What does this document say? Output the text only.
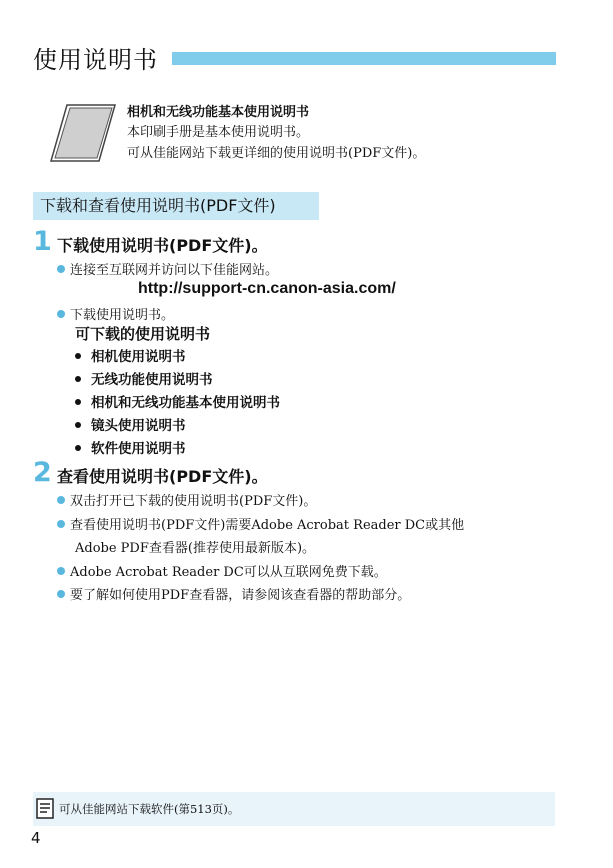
使用说明书
相机和无线功能基本使用说明书
本印刷手册是基本使用说明书。
可从佳能网站下载更详细的使用说明书(PDF文件)。
下载和查看使用说明书(PDF文件)
1 下载使用说明书(PDF文件)。
连接至互联网并访问以下佳能网站。
http://support-cn.canon-asia.com/
下载使用说明书。
可下载的使用说明书
相机使用说明书
无线功能使用说明书
相机和无线功能基本使用说明书
镜头使用说明书
软件使用说明书
2 查看使用说明书(PDF文件)。
双击打开已下载的使用说明书(PDF文件)。
查看使用说明书(PDF文件)需要Adobe Acrobat Reader DC或其他
Adobe PDF查看器(推荐使用最新版本)。
Adobe Acrobat Reader DC可以从互联网免费下载。
要了解如何使用PDF查看器，请参阅该查看器的帮助部分。
可从佳能网站下载软件(第513页)。
4
